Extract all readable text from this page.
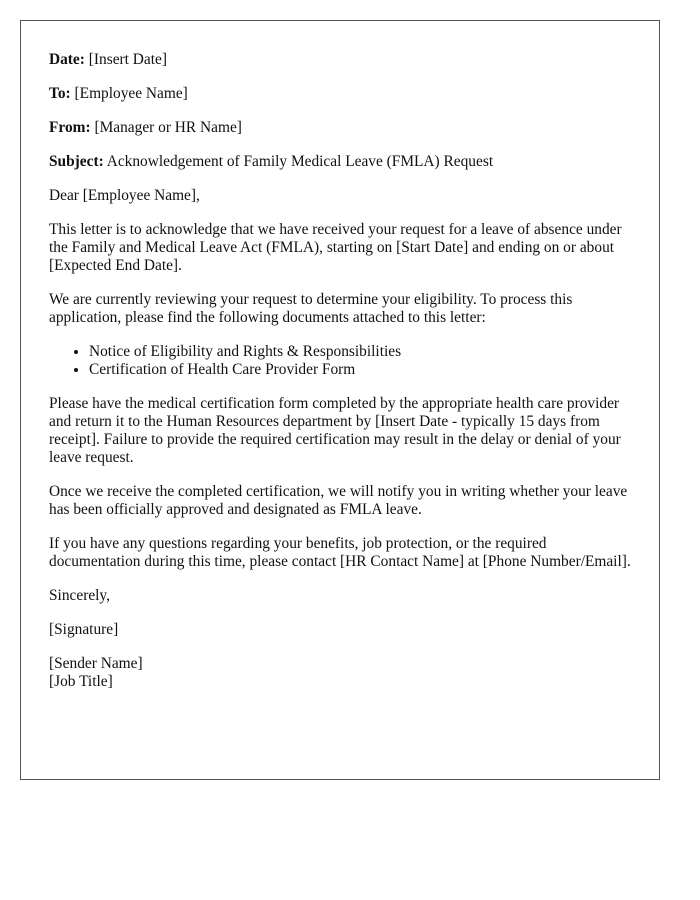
Date: [Insert Date]

To: [Employee Name]

From: [Manager or HR Name]

Subject: Acknowledgement of Family Medical Leave (FMLA) Request

Dear [Employee Name],

This letter is to acknowledge that we have received your request for a leave of absence under the Family and Medical Leave Act (FMLA), starting on [Start Date] and ending on or about [Expected End Date].

We are currently reviewing your request to determine your eligibility. To process this application, please find the following documents attached to this letter:

• Notice of Eligibility and Rights & Responsibilities
• Certification of Health Care Provider Form

Please have the medical certification form completed by the appropriate health care provider and return it to the Human Resources department by [Insert Date - typically 15 days from receipt]. Failure to provide the required certification may result in the delay or denial of your leave request.

Once we receive the completed certification, we will notify you in writing whether your leave has been officially approved and designated as FMLA leave.

If you have any questions regarding your benefits, job protection, or the required documentation during this time, please contact [HR Contact Name] at [Phone Number/Email].

Sincerely,

[Signature]

[Sender Name]
[Job Title]
